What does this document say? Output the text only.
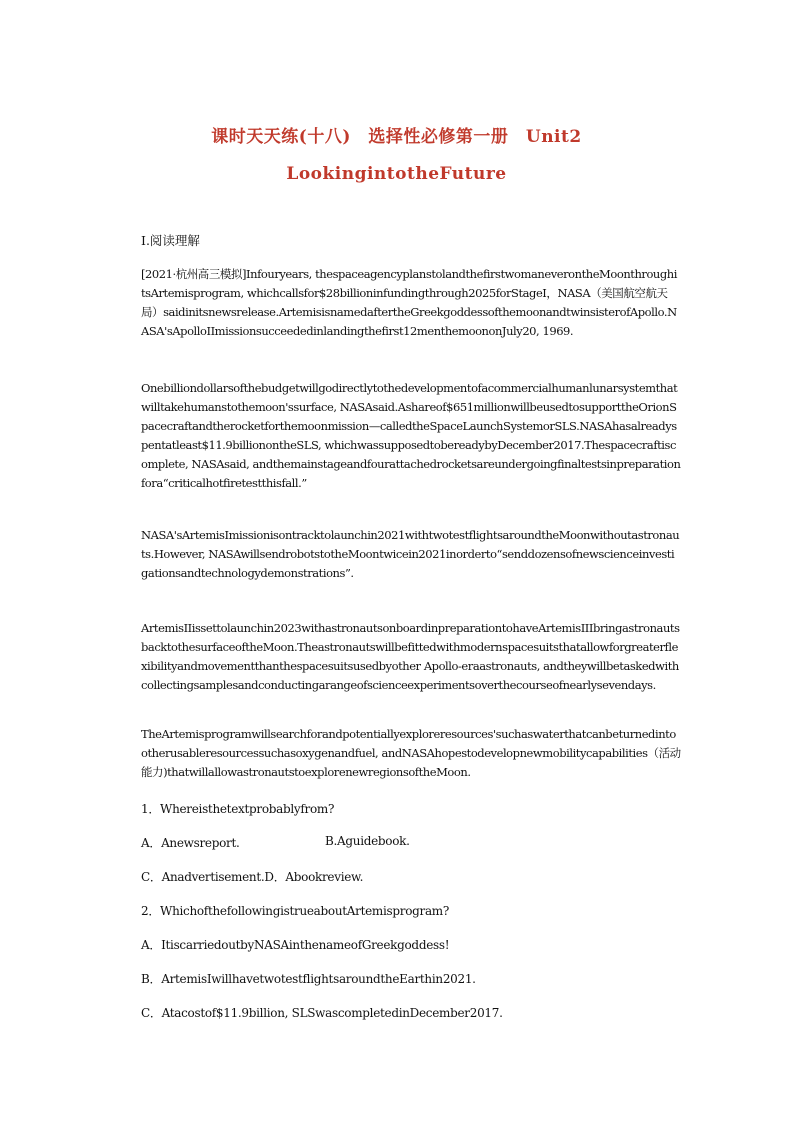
课时天天练(十八)　选择性必修第一册　Unit2
LookingintotheFuture
Ⅰ.阅读理解
[2021·杭州高三模拟]Infouryears, thespaceagencyplanstolandthefirstwomaneverontheMoonthroughitsArtemisprogram, whichcallsfor$28billioninfundingthrough2025forStageI，NASA（美国航空航天局）saidinitsnewsrelease.ArtemisisnamedaftertheGreekgoddessofthemoonandtwinsisterofApollo.NASA'sApolloIImissionsucceededinlandingthefirst12menthemoononJuly20, 1969.
Onebilliondollarsofthebudgetwillgodirectlytothedevelopmentofacommercialhumanlunarsystemthatwilltakehumanstothemoon'ssurface, NASAsaid.Ashareof$651millionwillbeusedtosupporttheOrionSpacecraftandtherocketforthemoonmission—calledtheSpaceLaunchSystemorSLS.NASAhasalreadyspentatleast$11.9billionontheSLS, whichwassupposedtobereadybyDecember2017.Thespacecraftiscomplete, NASAsaid, andthemainstageandfourattachedrocketsareundergoingfinaltestsinpreparationfora“criticalhotfiretestthisfall.”
NASA'sArtemisImissionisontracktolaunchin2021withtwotestflightsaroundtheMoonwithoutastronauts.However, NASAwillsendrobotstotheMoontwicein2021inorderto“senddozensofnewscienceinvestigationsandtechnologydemonstrations”.
ArtemisIIissettolaunchin2023withastronautsonboardinpreparationtohaveArtemisIIIbringastronautsbacktothesurfaceoftheMoon.Theastronautswillbefittedwithmodernspacesuitsthatallowforgreaterflexibilityandmovementthanthespacesuitsusedbyother Apollo-eraastronauts, andtheywillbetaskedwithcollectingsamplesandconductingarangeofscienceexperimentsoverthecourseofnearlysevendays.
TheArtemisprogramwillsearchforandpotentiallyexploreresources'suchaswaterthatcanbeturnedintootherusableresourcessuchasoxygenandfuel, andNASAhopestodevelopnewmobilitycapabilities（活动能力)thatwillallowastronautstoexplorenewregionsoftheMoon.
1．Whereisthetextprobablyfrom?
A．Anewsreport.	B.Aguidebook.
C．Anadvertisement.D．Abookreview.
2．WhichofthefollowingistrueaboutArtemisprogram?
A．ItiscarriedoutbyNASAinthenameofGreekgoddess!
B．ArtemisIwillhavetwotestflightsaroundtheEarthin2021.
C．Atacostof$11.9billion, SLSwascompletedinDecember2017.
